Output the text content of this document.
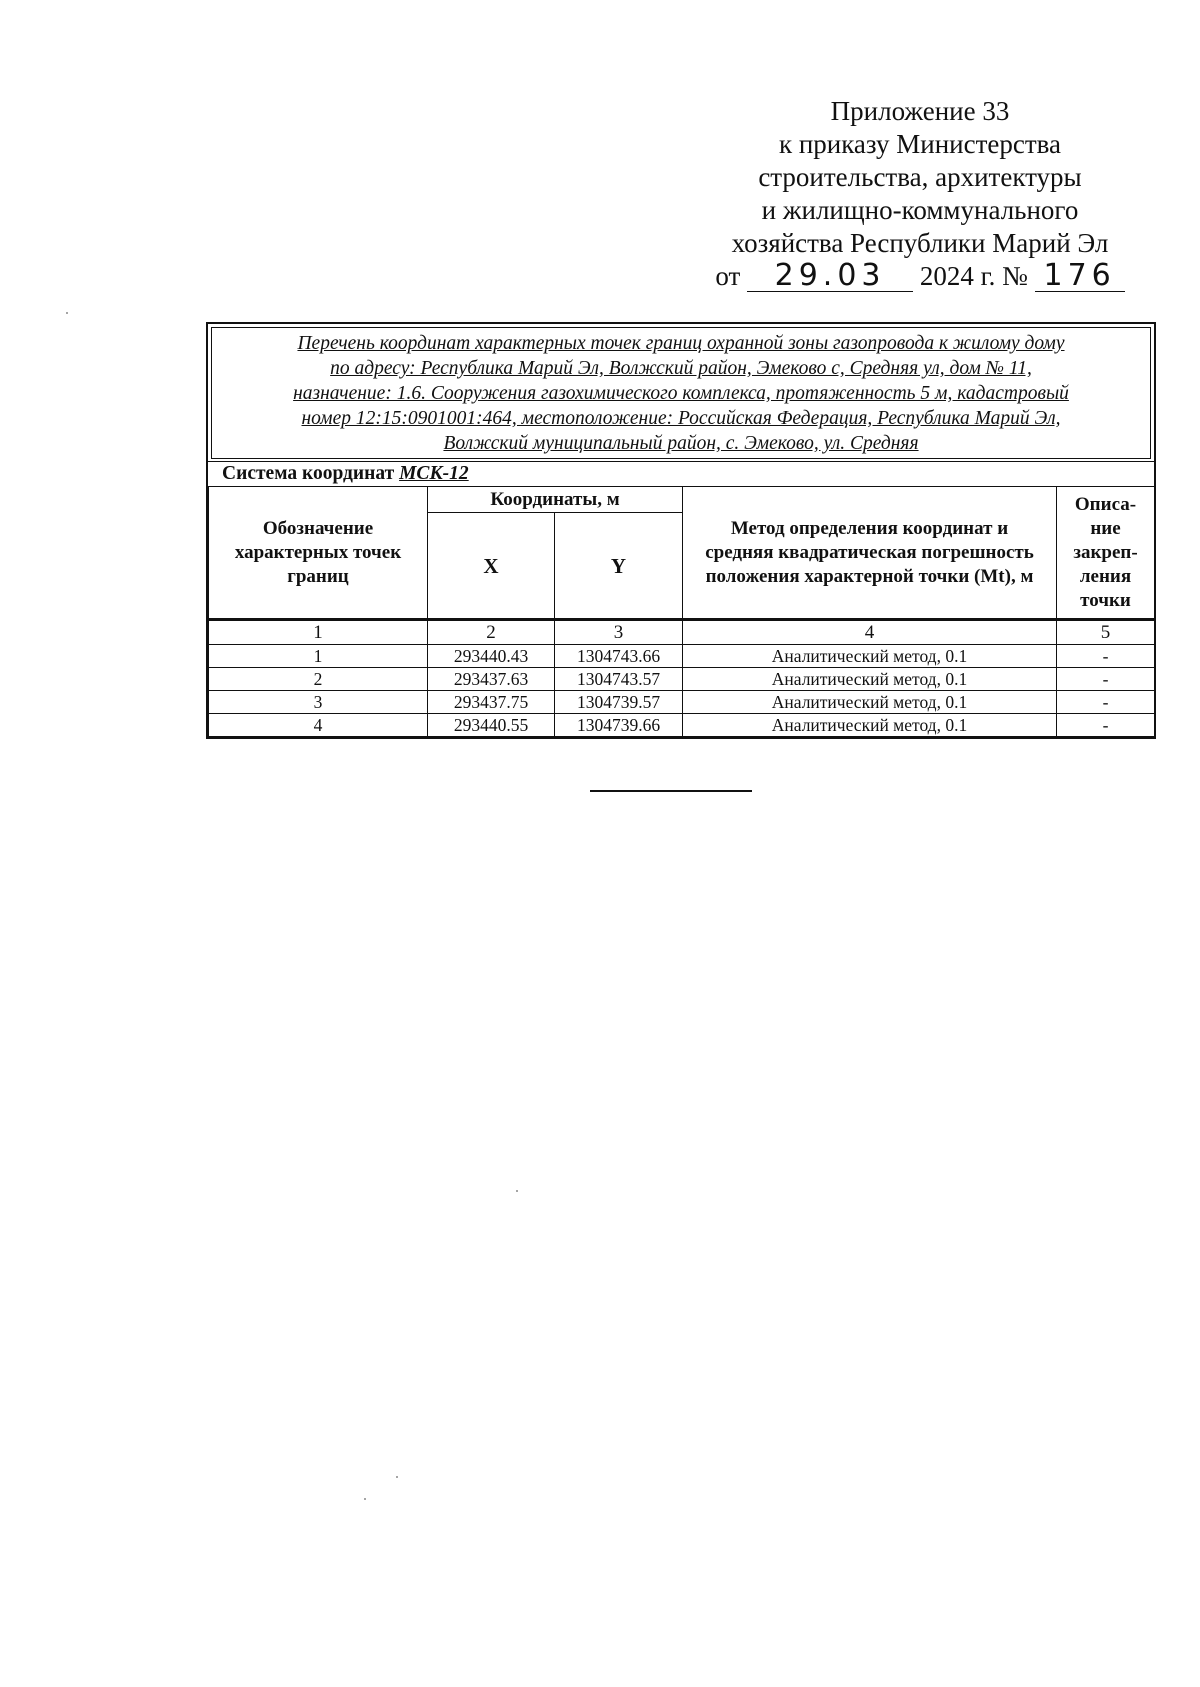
Приложение 33
к приказу Министерства
строительства, архитектуры
и жилищно-коммунального
хозяйства Республики Марий Эл
от 29.03 2024 г. № 176
Перечень координат характерных точек границ охранной зоны газопровода к жилому дому
по адресу: Республика Марий Эл, Волжский район, Эмеково с, Средняя ул, дом № 11,
назначение: 1.6. Сооружения газохимического комплекса, протяженность 5 м, кадастровый
номер 12:15:0901001:464, местоположение: Российская Федерация, Республика Марий Эл,
Волжский муниципальный район, с. Эмеково, ул. Средняя
Система координат МСК-12
Обозначение характерных точек границ	Координаты, м		Метод определения координат и средняя квадратическая погрешность положения характерной точки (Mt), м	Описа-ние закреп-ления точки
	X	Y		
1	2	3	4	5
1	293440.43	1304743.66	Аналитический метод, 0.1	-
2	293437.63	1304743.57	Аналитический метод, 0.1	-
3	293437.75	1304739.57	Аналитический метод, 0.1	-
4	293440.55	1304739.66	Аналитический метод, 0.1	-
